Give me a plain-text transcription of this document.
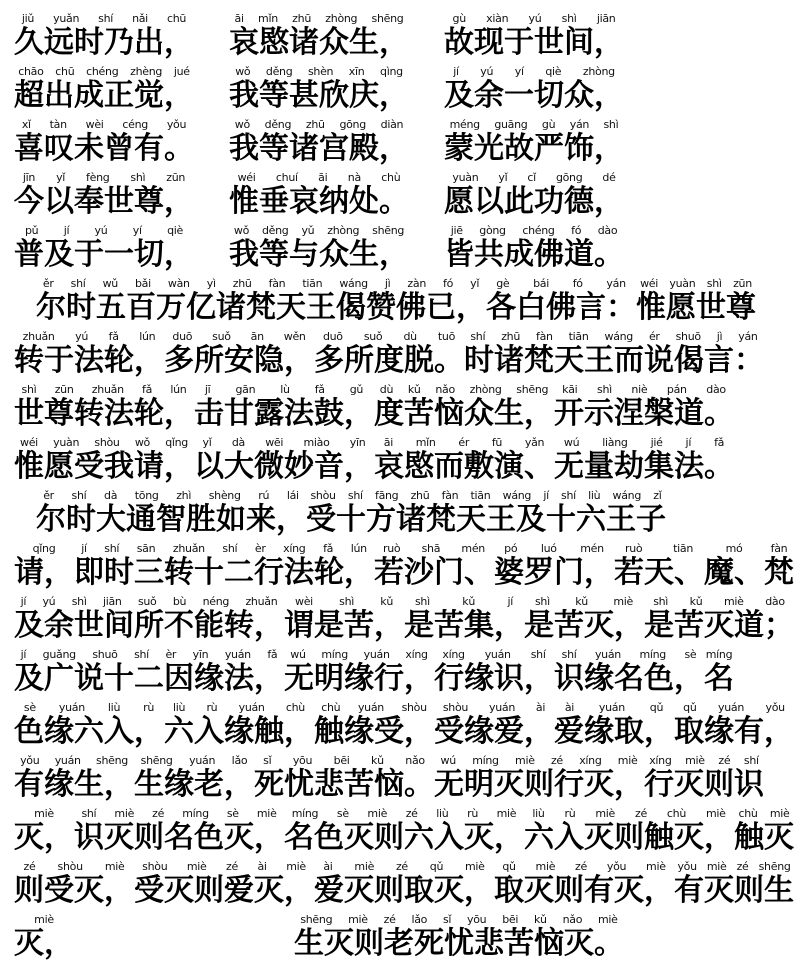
久远时乃出，jiǔ yuǎn shí nǎi chū
哀愍诸众生，āi mǐn zhū zhòng shēng
故现于世间，gù xiàn yú shì jiān
超出成正觉，chāo chū chéng zhèng jué
我等甚欣庆，wǒ děng shèn xīn qìng
及余一切众，jí yú yí qiè zhòng
喜叹未曾有。xǐ tàn wèi céng yǒu
我等诸宫殿，wǒ děng zhū gōng diàn
蒙光故严饰，méng guāng gù yán shì
今以奉世尊，jīn yǐ fèng shì zūn
惟垂哀纳处。wéi chuí āi nà chù
愿以此功德，yuàn yǐ cǐ gōng dé
普及于一切，pǔ jí yú yí qiè
我等与众生，wǒ děng yǔ zhòng shēng
皆共成佛道。jiē gòng chéng fó dào
尔时五百万亿诸梵天王偈赞佛已，ěr shí wǔ bǎi wàn yì zhū fàn tiān wáng jì zàn fó yǐ
各白佛言：gè bái fó yán
惟愿世尊wéi yuàn shì zūn
转于法轮，zhuǎn yú fǎ lún
多所安隐，duō suǒ ān wěn
多所度脱。duō suǒ dù tuō
时诸梵天王而说偈言：shí zhū fàn tiān wáng ér shuō jì yán
世尊转法轮，shì zūn zhuǎn fǎ lún
击甘露法鼓，jī gān lù fǎ gǔ
度苦恼众生，dù kǔ nǎo zhòng shēng
开示涅槃道。kāi shì niè pán dào
惟愿受我请，wéi yuàn shòu wǒ qǐng
以大微妙音，yǐ dà wēi miào yīn
哀愍而敷演、āi mǐn ér fū yǎn
无量劫集法。wú liàng jié jí fǎ
尔时大通智胜如来，ěr shí dà tōng zhì shèng rú lái
受十方诸梵天王及十六王子shòu shí fāng zhū fàn tiān wáng jí shí liù wáng zǐ
请，qǐng
即时三转十二行法轮，jí shí sān zhuǎn shí èr xíng fǎ lún
若沙门、ruò shā mén
婆罗门，pó luó mén
若天、ruò tiān
魔、mó
梵fàn
及余世间所不能转，jí yú shì jiān suǒ bù néng zhuǎn
谓是苦，wèi shì kǔ
是苦集，shì kǔ jí
是苦灭，shì kǔ miè
是苦灭道；shì kǔ miè dào
及广说十二因缘法，jí guǎng shuō shí èr yīn yuán fǎ
无明缘行，wú míng yuán xíng
行缘识，xíng yuán shí
识缘名色，shí yuán míng sè
名míng
色缘六入，sè yuán liù rù
六入缘触，liù rù yuán chù
触缘受，chù yuán shòu
受缘爱，shòu yuán ài
爱缘取，ài yuán qǔ
取缘有，qǔ yuán yǒu
有缘生，yǒu yuán shēng
生缘老，shēng yuán lǎo
死忧悲苦恼。sǐ yōu bēi kǔ nǎo
无明灭则行灭，wú míng miè zé xíng miè
行灭则识xíng miè zé shí
灭，miè
识灭则名色灭，shí miè zé míng sè miè
名色灭则六入灭，míng sè miè zé liù rù miè
六入灭则触灭，liù rù miè zé chù miè
触灭chù miè
则受灭，zé shòu miè
受灭则爱灭，shòu miè zé ài miè
爱灭则取灭，ài miè zé qǔ miè
取灭则有灭，qǔ miè zé yǒu miè
有灭则生yǒu miè zé shēng
灭，miè
生灭则老死忧悲苦恼灭。shēng miè zé lǎo sǐ yōu bēi kǔ nǎo miè
